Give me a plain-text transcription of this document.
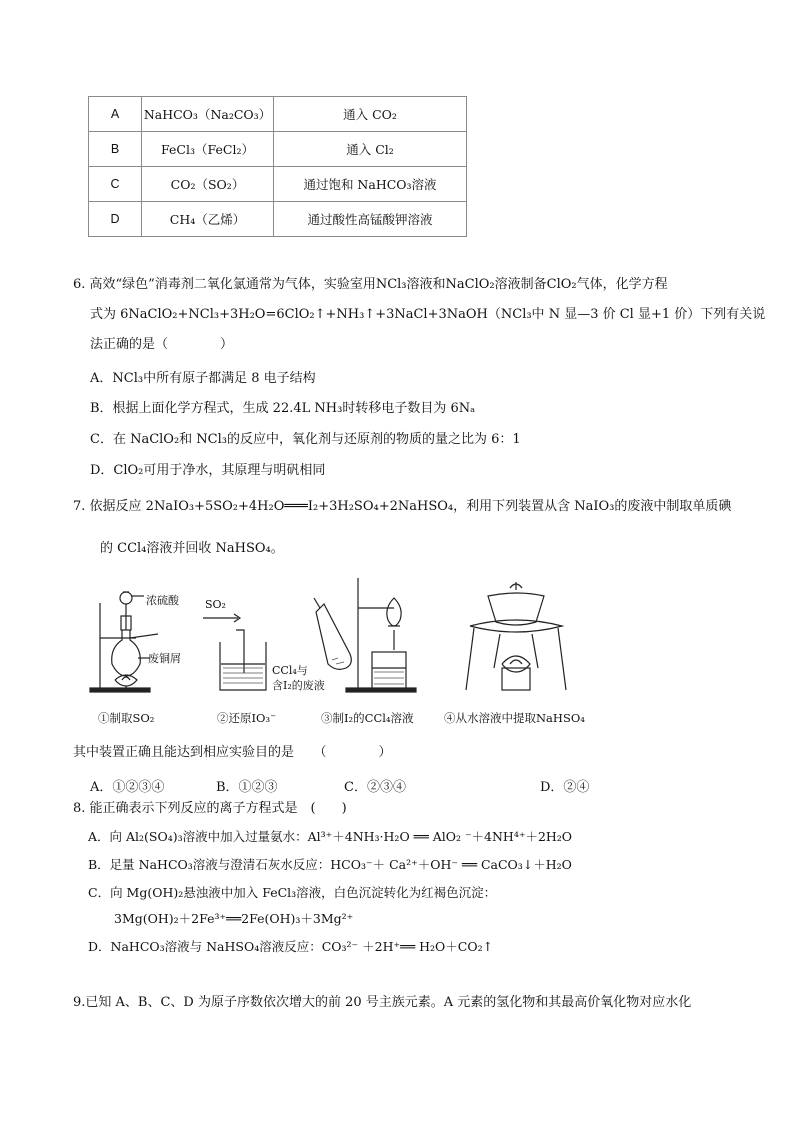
A	NaHCO₃（Na₂CO₃）	通入 CO₂
B	FeCl₃（FeCl₂）	通入 Cl₂
C	CO₂（SO₂）	通过饱和 NaHCO₃溶液
D	CH₄（乙烯）	通过酸性高锰酸钾溶液
6. 高效“绿色”消毒剂二氧化氯通常为气体，实验室用NCl₃溶液和NaClO₂溶液制备ClO₂气体，化学方程
式为 6NaClO₂+NCl₃+3H₂O=6ClO₂↑+NH₃↑+3NaCl+3NaOH（NCl₃中 N 显—3 价 Cl 显+1 价）下列有关说
法正确的是（　　　　）
A．NCl₃中所有原子都满足 8 电子结构
B．根据上面化学方程式，生成 22.4L NH₃时转移电子数目为 6Nₐ
C．在 NaClO₂和 NCl₃的反应中，氧化剂与还原剂的物质的量之比为 6：1
D．ClO₂可用于净水，其原理与明矾相同
7. 依据反应 2NaIO₃+5SO₂+4H₂O═══I₂+3H₂SO₄+2NaHSO₄，利用下列装置从含 NaIO₃的废液中制取单质碘
的 CCl₄溶液并回收 NaHSO₄。
浓硫酸
废铜屑
SO₂
CCl₄与
含I₂的废液
①制取SO₂	②还原IO₃⁻	③制I₂的CCl₄溶液	④从水溶液中提取NaHSO₄
其中装置正确且能达到相应实验目的是　　（　　　　）
A．①②③④	B．①②③	C．②③④	D．②④
8. 能正确表示下列反应的离子方程式是　(　　)
A．向 Al₂(SO₄)₃溶液中加入过量氨水：Al³⁺＋4NH₃·H₂O ══ AlO₂ ⁻＋4NH⁴⁺＋2H₂O
B．足量 NaHCO₃溶液与澄清石灰水反应：HCO₃⁻＋ Ca²⁺＋OH⁻ ══ CaCO₃↓＋H₂O
C．向 Mg(OH)₂悬浊液中加入 FeCl₃溶液，白色沉淀转化为红褐色沉淀：
3Mg(OH)₂＋2Fe³⁺══2Fe(OH)₃＋3Mg²⁺
D．NaHCO₃溶液与 NaHSO₄溶液反应：CO₃²⁻ ＋2H⁺══ H₂O＋CO₂↑
9.已知 A、B、C、D 为原子序数依次增大的前 20 号主族元素。A 元素的氢化物和其最高价氧化物对应水化
